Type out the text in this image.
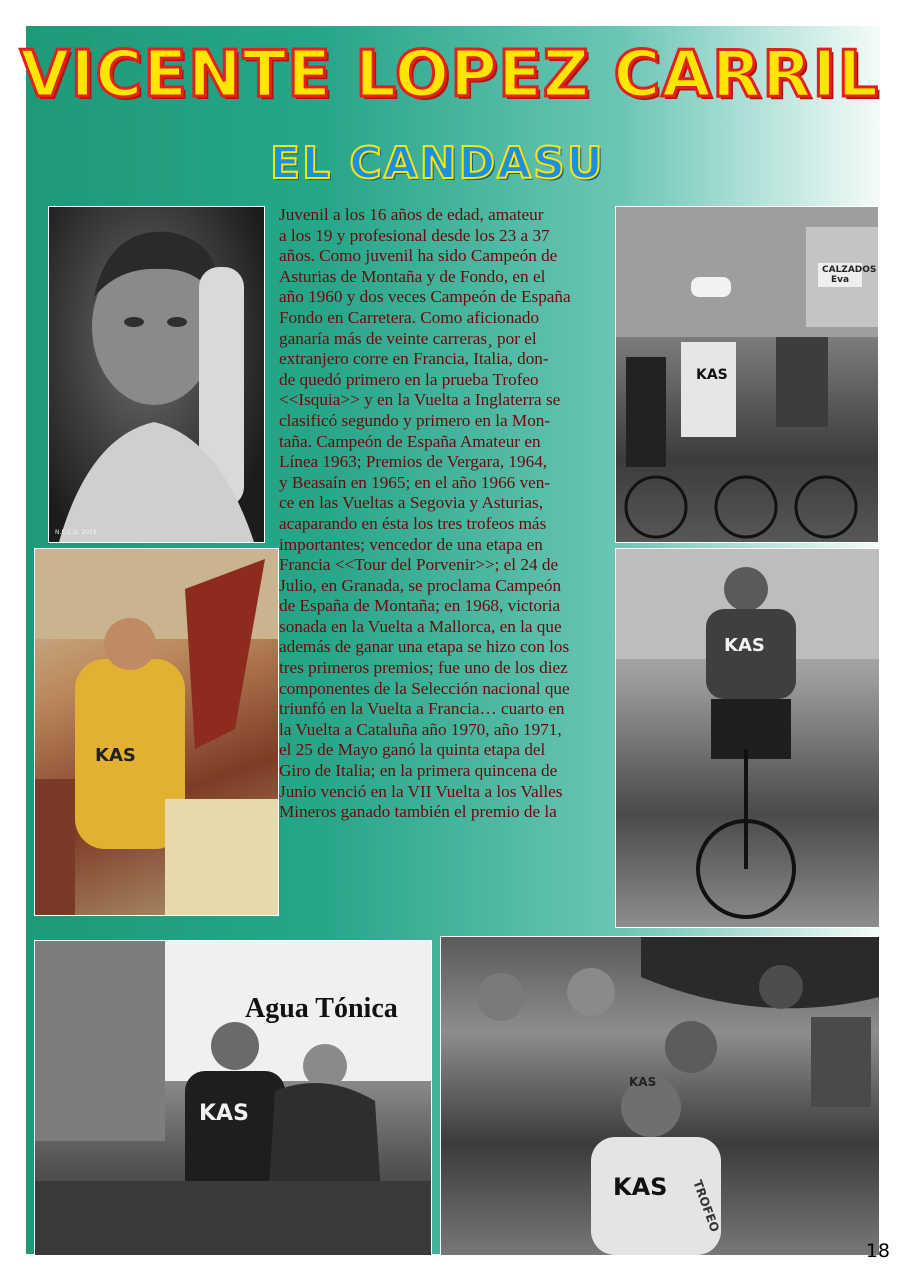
VICENTE LOPEZ CARRIL
EL CANDASU
N.E.C.O. 2015
CALZADOS Eva
KAS
KAS
KAS
Agua Tónica
KAS
KAS
KAS TROFEO
Juvenil a los 16 años de edad, amateur
a los 19 y profesional desde los 23 a 37
años. Como juvenil ha sido Campeón de
Asturias de Montaña y de Fondo, en el
año 1960 y dos veces Campeón de España
Fondo en Carretera. Como aficionado
ganaría más de veinte carreras¸ por el
extranjero corre en Francia, Italia, don-
de quedó primero en la prueba Trofeo
<<Isquia>> y en la Vuelta a Inglaterra se
clasificó segundo y primero en la Mon-
taña. Campeón de España Amateur en
Línea 1963; Premios de Vergara, 1964,
y Beasaín en 1965; en el año 1966 ven-
ce en las Vueltas a Segovia y Asturias,
acaparando en ésta los tres trofeos más
importantes; vencedor de una etapa en
Francia <<Tour del Porvenir>>; el 24 de
Julio, en Granada, se proclama Campeón
de España de Montaña; en 1968, victoria
sonada en la Vuelta a Mallorca, en la que
además de ganar una etapa se hizo con los
tres primeros premios; fue uno de los diez
componentes de la Selección nacional que
triunfó en la Vuelta a Francia… cuarto en
la Vuelta a Cataluña año 1970, año 1971,
el 25 de Mayo ganó la quinta etapa del
Giro de Italia; en la primera quincena de
Junio venció en la VII Vuelta a los Valles
Mineros ganado también el premio de la
18
